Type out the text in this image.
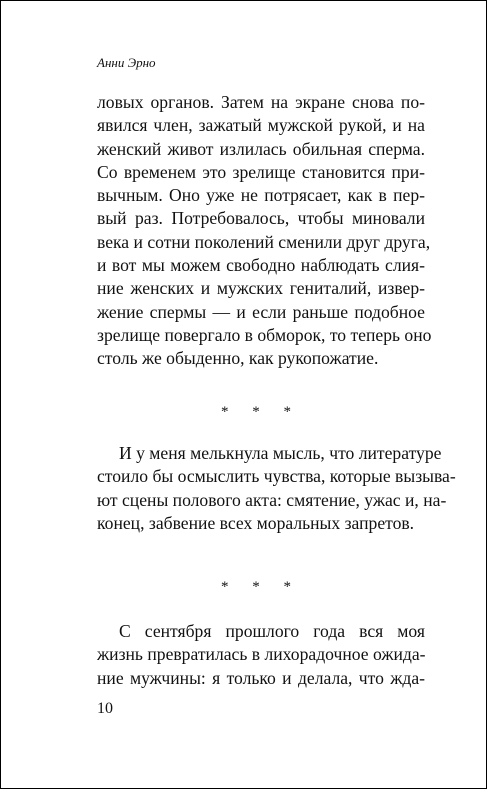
Анни Эрно
ловых органов. Затем на экране снова по-
явился член, зажатый мужской рукой, и на
женский живот излилась обильная сперма.
Со временем это зрелище становится при-
вычным. Оно уже не потрясает, как в пер-
вый раз. Потребовалось, чтобы миновали
века и сотни поколений сменили друг друга,
и вот мы можем свободно наблюдать слия-
ние женских и мужских гениталий, извер-
жение спермы — и если раньше подобное
зрелище повергало в обморок, то теперь оно
столь же обыденно, как рукопожатие.
* * *
И у меня мелькнула мысль, что литературе
стоило бы осмыслить чувства, которые вызыва-
ют сцены полового акта: смятение, ужас и, на-
конец, забвение всех моральных запретов.
* * *
С сентября прошлого года вся моя
жизнь превратилась в лихорадочное ожида-
ние мужчины: я только и делала, что жда-
10
